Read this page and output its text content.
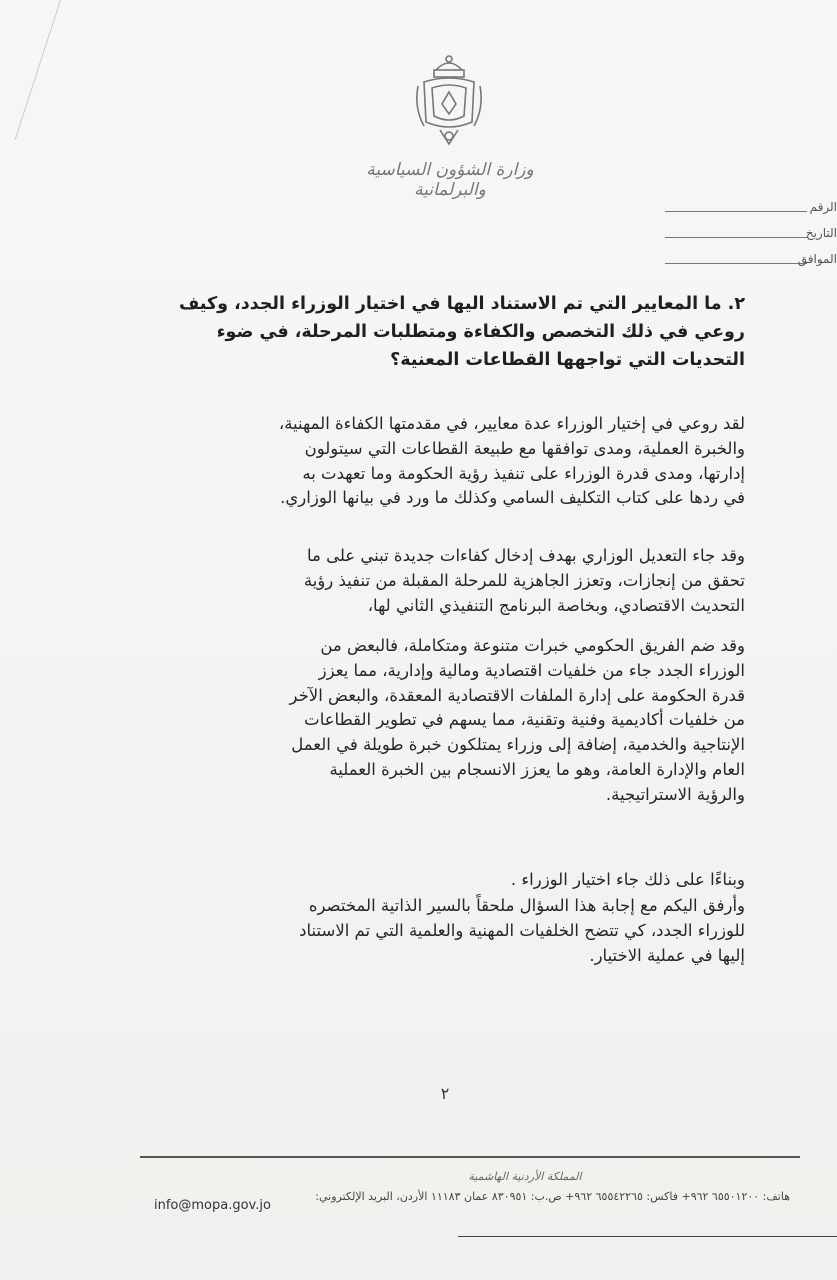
وزارة الشؤون السياسية والبرلمانية
الرقم
التاريخ
الموافق
٢. ما المعايير التي تم الاستناد اليها في اختيار الوزراء الجدد، وكيف
روعي في ذلك التخصص والكفاءة ومتطلبات المرحلة، في ضوء
التحديات التي تواجهها القطاعات المعنية؟
لقد روعي في إختيار الوزراء عدة معايير، في مقدمتها الكفاءة المهنية،
والخبرة العملية، ومدى توافقها مع طبيعة القطاعات التي سيتولون
إدارتها، ومدى قدرة الوزراء على تنفيذ رؤية الحكومة وما تعهدت به
في ردها على كتاب التكليف السامي وكذلك ما ورد في بيانها الوزاري.
وقد جاء التعديل الوزاري بهدف إدخال كفاءات جديدة تبني على ما
تحقق من إنجازات، وتعزز الجاهزية للمرحلة المقبلة من تنفيذ رؤية
التحديث الاقتصادي، وبخاصة البرنامج التنفيذي الثاني لها،
وقد ضم الفريق الحكومي خبرات متنوعة ومتكاملة، فالبعض من
الوزراء الجدد جاء من خلفيات اقتصادية ومالية وإدارية، مما يعزز
قدرة الحكومة على إدارة الملفات الاقتصادية المعقدة، والبعض الآخر
من خلفيات أكاديمية وفنية وتقنية، مما يسهم في تطوير القطاعات
الإنتاجية والخدمية، إضافة إلى وزراء يمتلكون خبرة طويلة في العمل
العام والإدارة العامة، وهو ما يعزز الانسجام بين الخبرة العملية
والرؤية الاستراتيجية.
وبناءًا على ذلك جاء اختيار الوزراء .
وأرفق اليكم مع إجابة هذا السؤال ملحقاً بالسير الذاتية المختصره
للوزراء الجدد، كي تتضح الخلفيات المهنية والعلمية التي تم الاستناد
إليها في عملية الاختيار.
٢
المملكة الأردنية الهاشمية
هاتف: ٦٥٥٠١٢٠٠ ٩٦٢+ فاكس: ٦٥٥٤٢٢٦٥ ٩٦٢+ ص.ب: ٨٣٠٩٥١ عمان ١١١٨٣ الأردن، البريد الإلكتروني:
info@mopa.gov.jo
